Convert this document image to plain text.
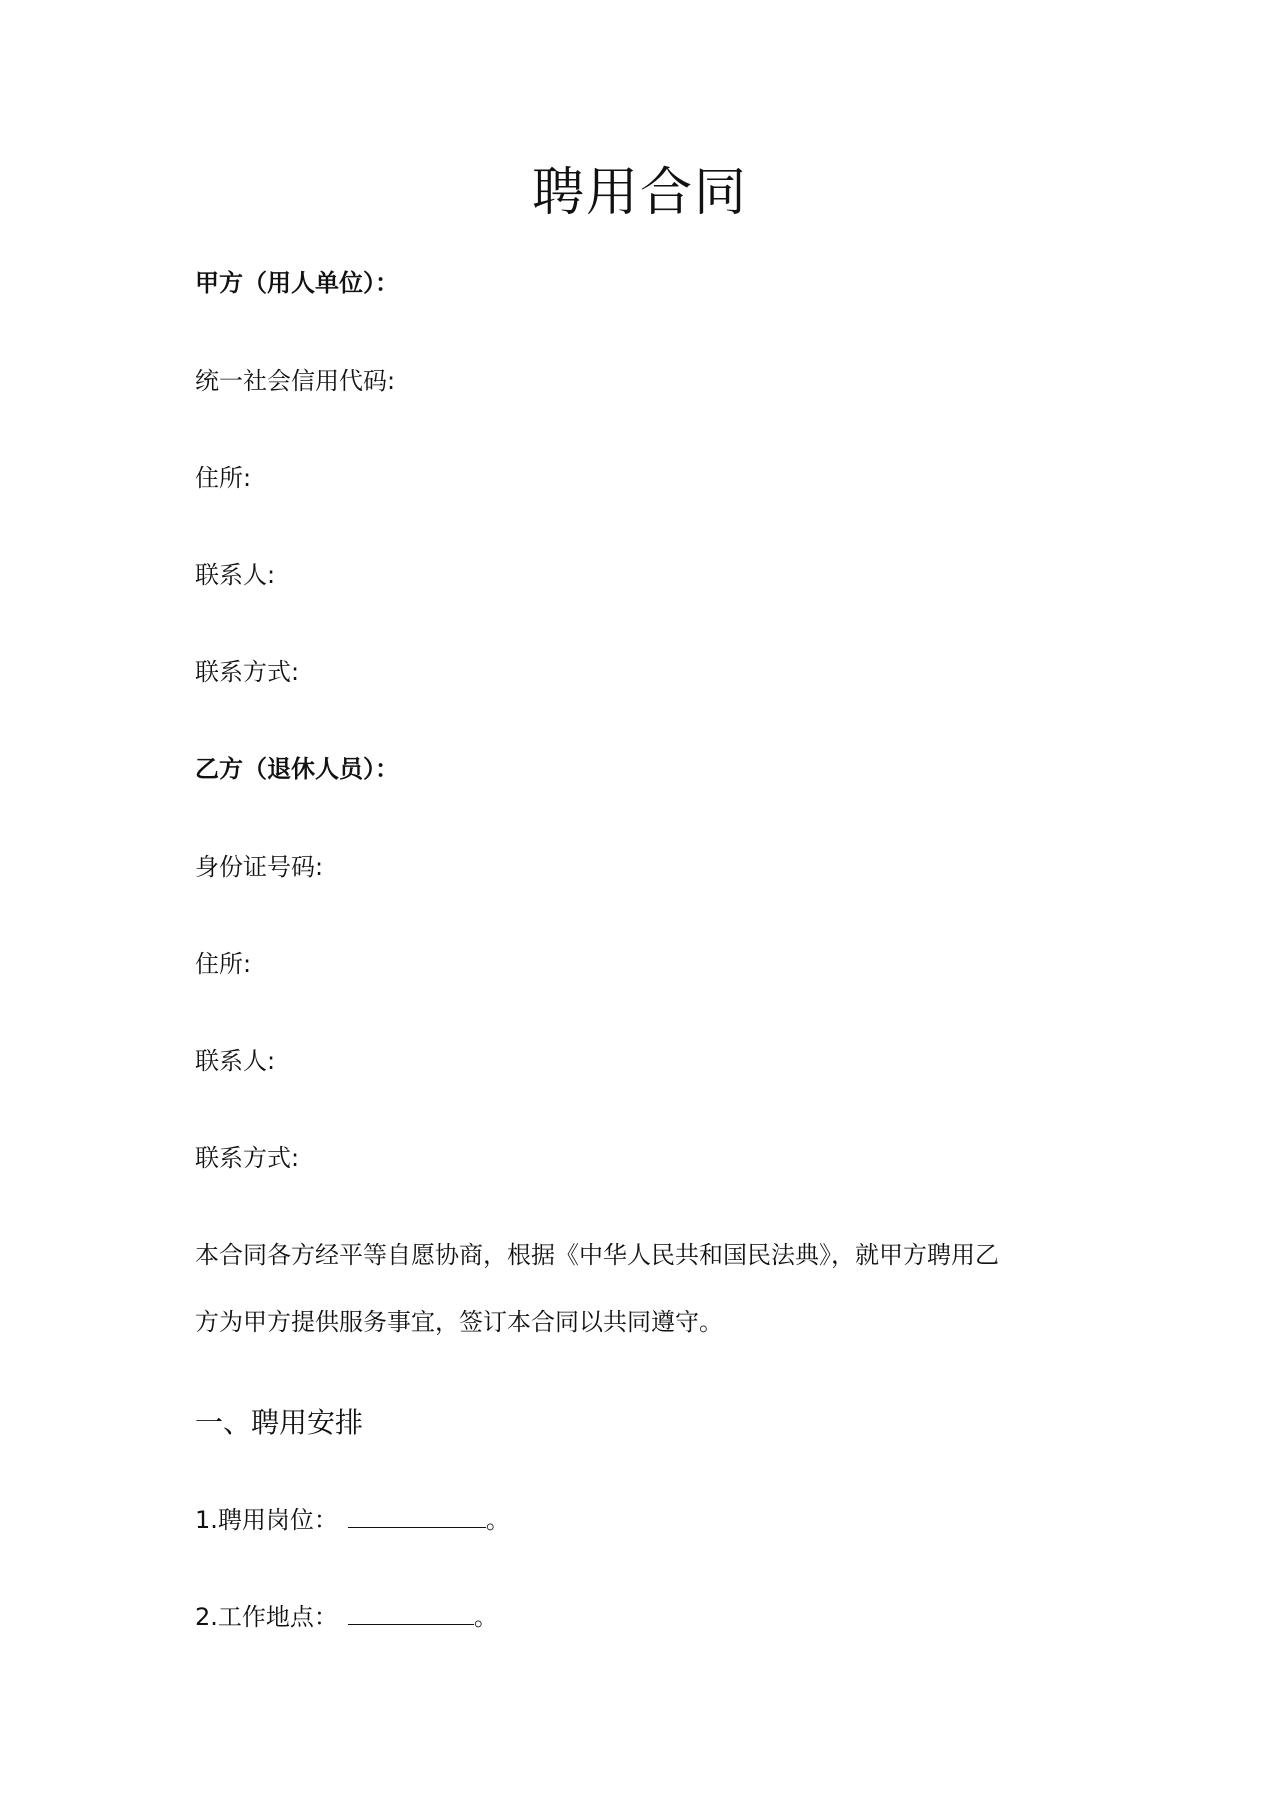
聘用合同
甲方（用人单位）：
统一社会信用代码:
住所:
联系人:
联系方式:
乙方（退休人员）：
身份证号码:
住所:
联系人:
联系方式:
本合同各方经平等自愿协商，根据《中华人民共和国民法典》，就甲方聘用乙
方为甲方提供服务事宜，签订本合同以共同遵守。
一、聘用安排
1.聘用岗位：	。
2.工作地点：	。
